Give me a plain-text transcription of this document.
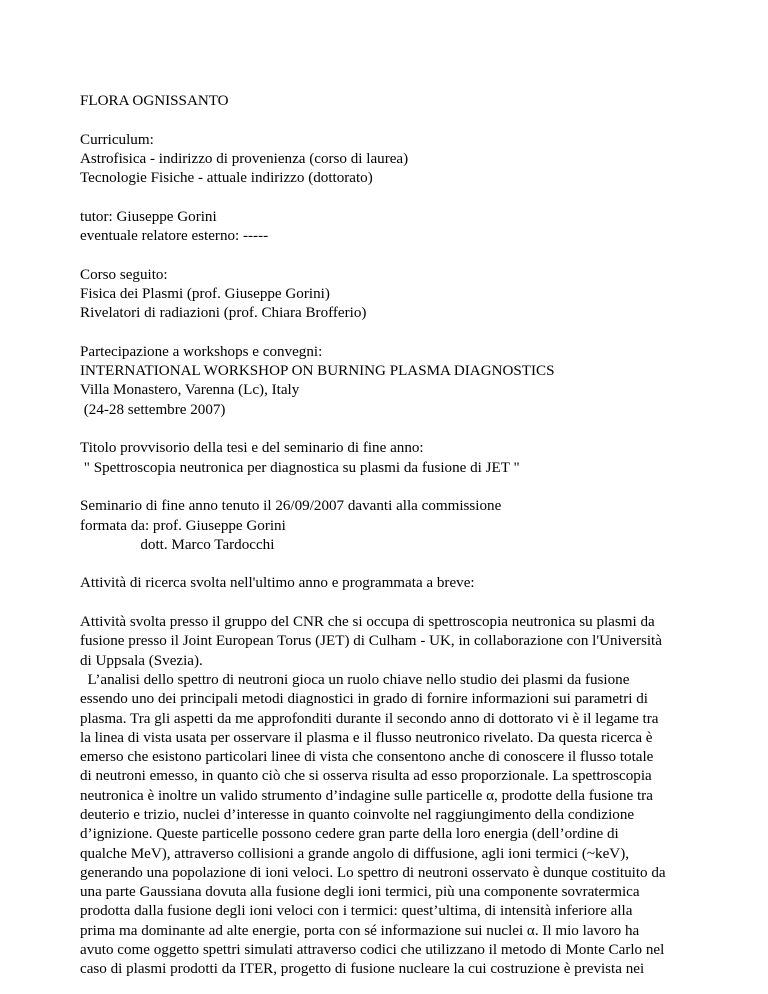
FLORA OGNISSANTO
Curriculum:
Astrofisica - indirizzo di provenienza (corso di laurea)
Tecnologie Fisiche - attuale indirizzo (dottorato)
tutor: Giuseppe Gorini
eventuale relatore esterno: -----
Corso seguito:
Fisica dei Plasmi (prof. Giuseppe Gorini)
Rivelatori di radiazioni (prof. Chiara Brofferio)
Partecipazione a workshops e convegni:
INTERNATIONAL WORKSHOP ON BURNING PLASMA DIAGNOSTICS
Villa Monastero, Varenna (Lc), Italy
(24-28 settembre 2007)
Titolo provvisorio della tesi e del seminario di fine anno:
" Spettroscopia neutronica per diagnostica su plasmi da fusione di JET "
Seminario di fine anno tenuto il 26/09/2007 davanti alla commissione
formata da: prof. Giuseppe Gorini
dott. Marco Tardocchi
Attività di ricerca svolta nell'ultimo anno e programmata a breve:
Attività svolta presso il gruppo del CNR che si occupa di spettroscopia neutronica su plasmi da
fusione presso il Joint European Torus (JET) di Culham - UK, in collaborazione con l'Università
di Uppsala (Svezia).
L’analisi dello spettro di neutroni gioca un ruolo chiave nello studio dei plasmi da fusione
essendo uno dei principali metodi diagnostici in grado di fornire informazioni sui parametri di
plasma. Tra gli aspetti da me approfonditi durante il secondo anno di dottorato vi è il legame tra
la linea di vista usata per osservare il plasma e il flusso neutronico rivelato. Da questa ricerca è
emerso che esistono particolari linee di vista che consentono anche di conoscere il flusso totale
di neutroni emesso, in quanto ciò che si osserva risulta ad esso proporzionale. La spettroscopia
neutronica è inoltre un valido strumento d’indagine sulle particelle α, prodotte della fusione tra
deuterio e trizio, nuclei d’interesse in quanto coinvolte nel raggiungimento della condizione
d’ignizione. Queste particelle possono cedere gran parte della loro energia (dell’ordine di
qualche MeV), attraverso collisioni a grande angolo di diffusione, agli ioni termici (~keV),
generando una popolazione di ioni veloci. Lo spettro di neutroni osservato è dunque costituito da
una parte Gaussiana dovuta alla fusione degli ioni termici, più una componente sovratermica
prodotta dalla fusione degli ioni veloci con i termici: quest’ultima, di intensità inferiore alla
prima ma dominante ad alte energie, porta con sé informazione sui nuclei α. Il mio lavoro ha
avuto come oggetto spettri simulati attraverso codici che utilizzano il metodo di Monte Carlo nel
caso di plasmi prodotti da ITER, progetto di fusione nucleare la cui costruzione è prevista nei
